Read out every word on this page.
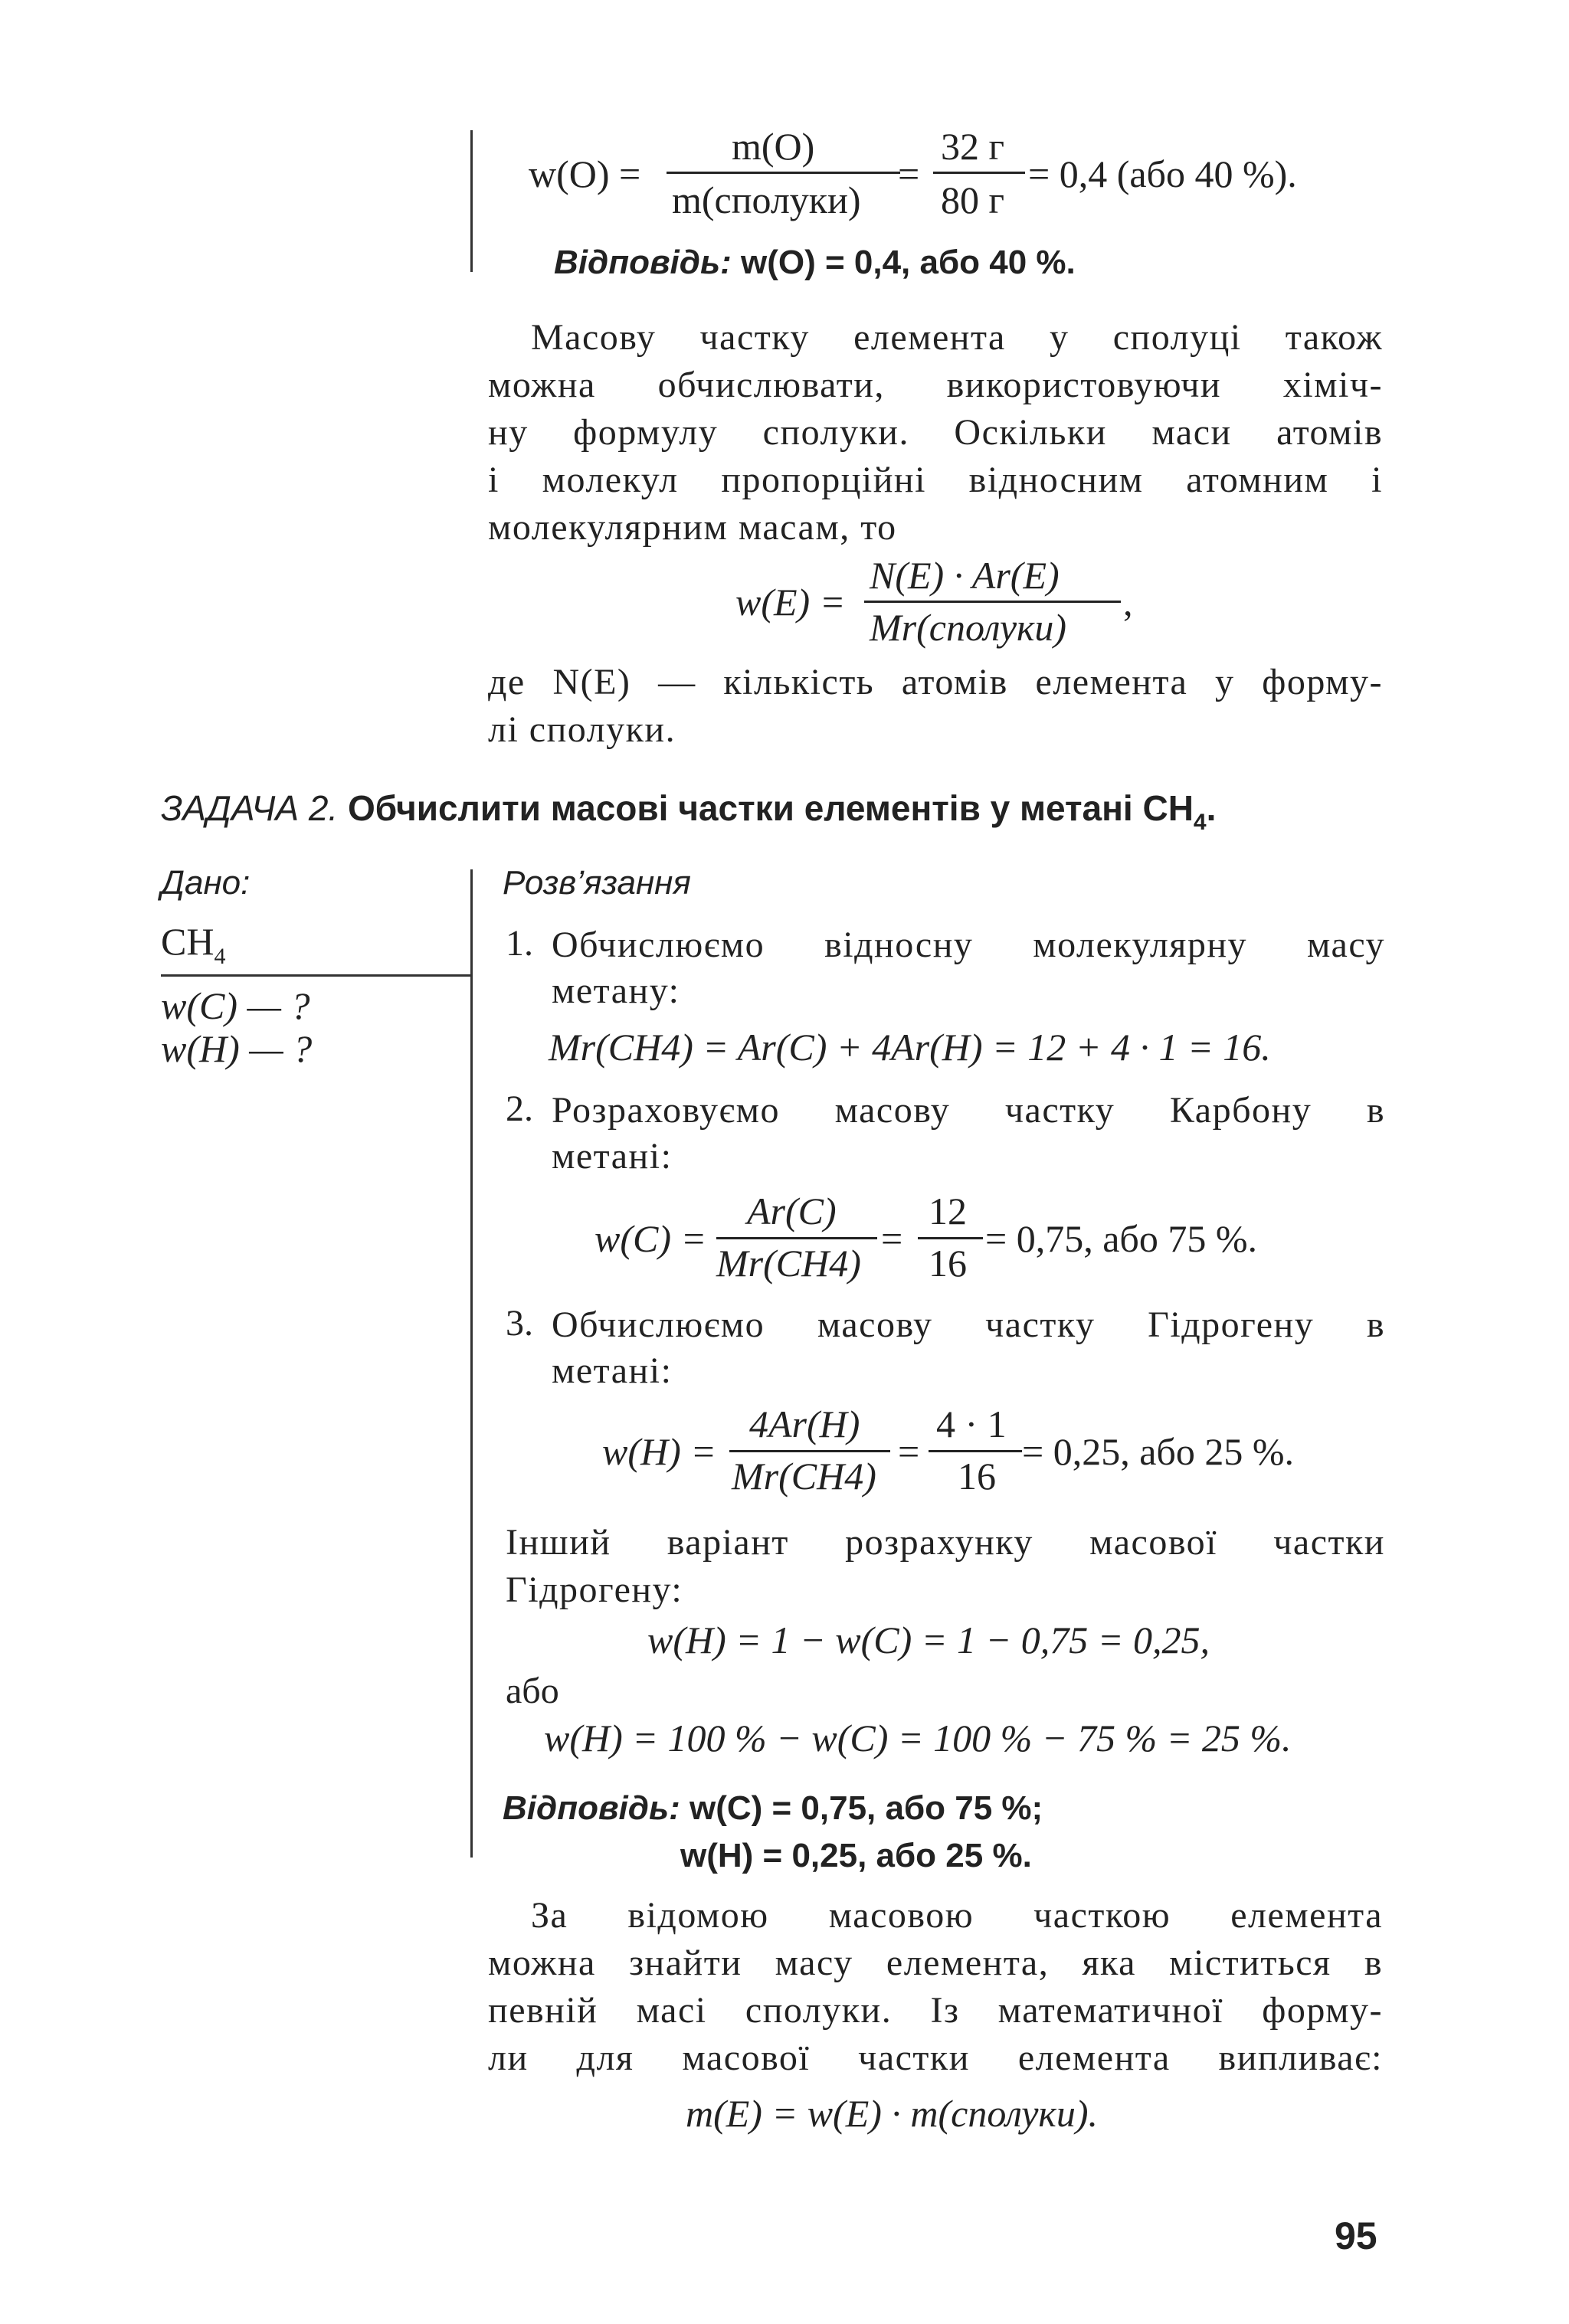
w(O) =
m(O)
m(сполуки)
=
32 г
80 г
= 0,4 (або 40 %).
Відповідь: w(O) = 0,4, або 40 %.
Масову частку елемента у сполуці також
можна обчислювати, використовуючи хіміч-
ну формулу сполуки. Оскільки маси атомів
і молекул пропорційні відносним атомним і
молекулярним масам, то
w(E) =
N(E) · Ar(E)
Mr(сполуки)
,
де N(E) — кількість атомів елемента у форму-
лі сполуки.
ЗАДАЧА 2. Обчислити масові частки елементів у метані $CH_4$.
Дано:
$CH_4$
w(C) — ?
w(H) — ?
Розв’язання
1. Обчислюємо відносну молекулярну масу
метану:
Mr(CH4) = Ar(C) + 4Ar(H) = 12 + 4 · 1 = 16.
2. Розраховуємо масову частку Карбону в
метані:
w(C) =
Ar(C)
Mr(CH4)
=
12
16
= 0,75, або 75 %.
3. Обчислюємо масову частку Гідрогену в
метані:
w(H) =
4Ar(H)
Mr(CH4)
=
4 · 1
16
= 0,25, або 25 %.
Інший варіант розрахунку масової частки
Гідрогену:
w(H) = 1 − w(C) = 1 − 0,75 = 0,25,
або
w(H) = 100 % − w(C) = 100 % − 75 % = 25 %.
Відповідь: w(C) = 0,75, або 75 %;
w(H) = 0,25, або 25 %.
За відомою масовою часткою елемента
можна знайти масу елемента, яка міститься в
певній масі сполуки. Із математичної форму-
ли для масової частки елемента випливає:
m(E) = w(E) · m(сполуки).
95
